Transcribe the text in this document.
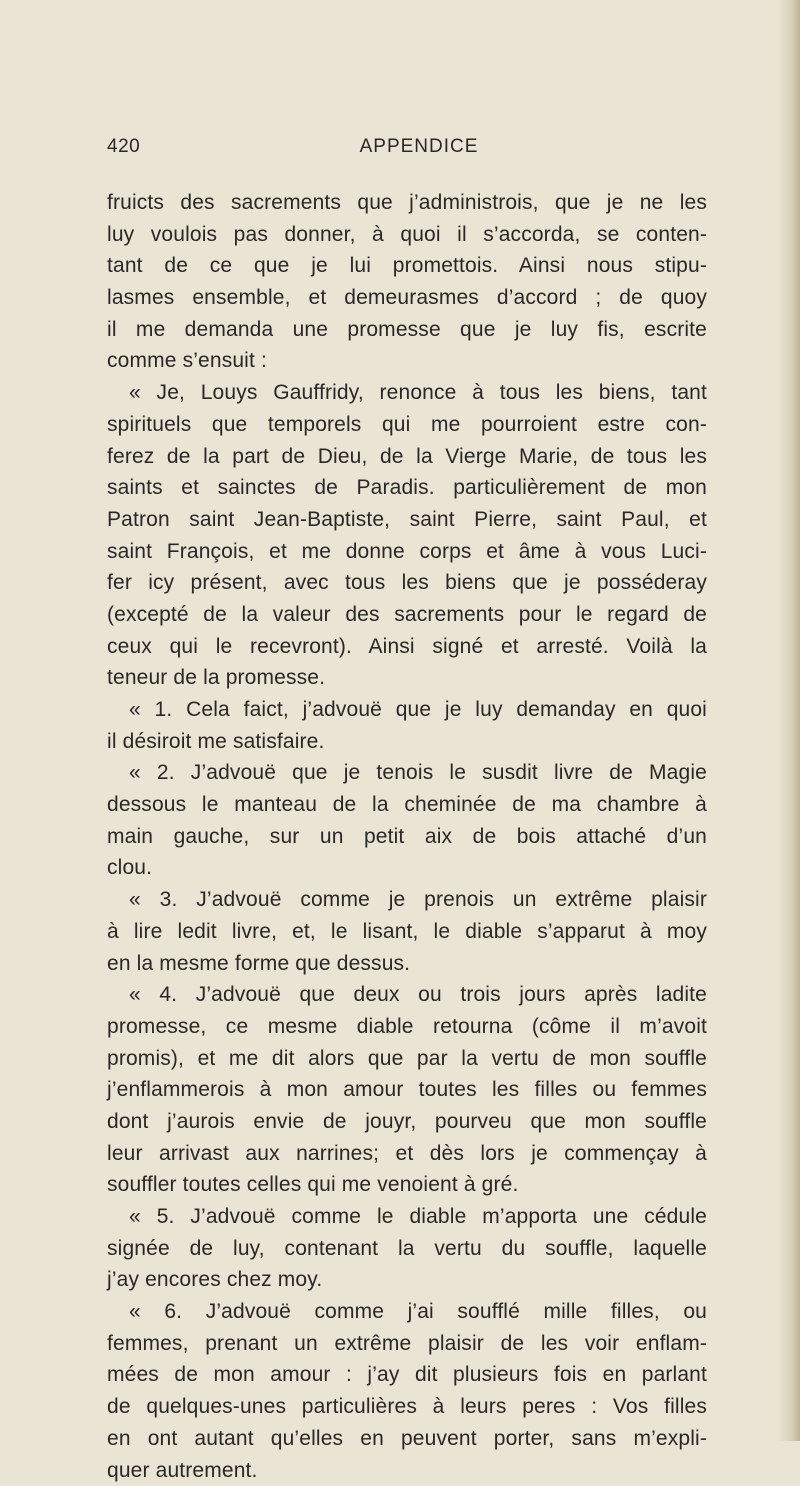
420	APPENDICE
fruicts des sacrements que j’administrois, que je ne les
luy voulois pas donner, à quoi il s’accorda, se conten-
tant de ce que je lui promettois. Ainsi nous stipu-
lasmes ensemble, et demeurasmes d’accord ; de quoy
il me demanda une promesse que je luy fis, escrite
comme s’ensuit :
« Je, Louys Gauffridy, renonce à tous les biens, tant
spirituels que temporels qui me pourroient estre con-
ferez de la part de Dieu, de la Vierge Marie, de tous les
saints et sainctes de Paradis. particulièrement de mon
Patron saint Jean-Baptiste, saint Pierre, saint Paul, et
saint François, et me donne corps et âme à vous Luci-
fer icy présent, avec tous les biens que je posséderay
(excepté de la valeur des sacrements pour le regard de
ceux qui le recevront). Ainsi signé et arresté. Voilà la
teneur de la promesse.
« 1. Cela faict, j’advouë que je luy demanday en quoi
il désiroit me satisfaire.
« 2. J’advouë que je tenois le susdit livre de Magie
dessous le manteau de la cheminée de ma chambre à
main gauche, sur un petit aix de bois attaché d’un
clou.
« 3. J’advouë comme je prenois un extrême plaisir
à lire ledit livre, et, le lisant, le diable s’apparut à moy
en la mesme forme que dessus.
« 4. J’advouë que deux ou trois jours après ladite
promesse, ce mesme diable retourna (côme il m’avoit
promis), et me dit alors que par la vertu de mon souffle
j’enflammerois à mon amour toutes les filles ou femmes
dont j’aurois envie de jouyr, pourveu que mon souffle
leur arrivast aux narrines; et dès lors je commençay à
souffler toutes celles qui me venoient à gré.
« 5. J’advouë comme le diable m’apporta une cédule
signée de luy, contenant la vertu du souffle, laquelle
j’ay encores chez moy.
« 6. J’advouë comme j’ai soufflé mille filles, ou
femmes, prenant un extrême plaisir de les voir enflam-
mées de mon amour : j’ay dit plusieurs fois en parlant
de quelques-unes particulières à leurs peres : Vos filles
en ont autant qu’elles en peuvent porter, sans m’expli-
quer autrement.
